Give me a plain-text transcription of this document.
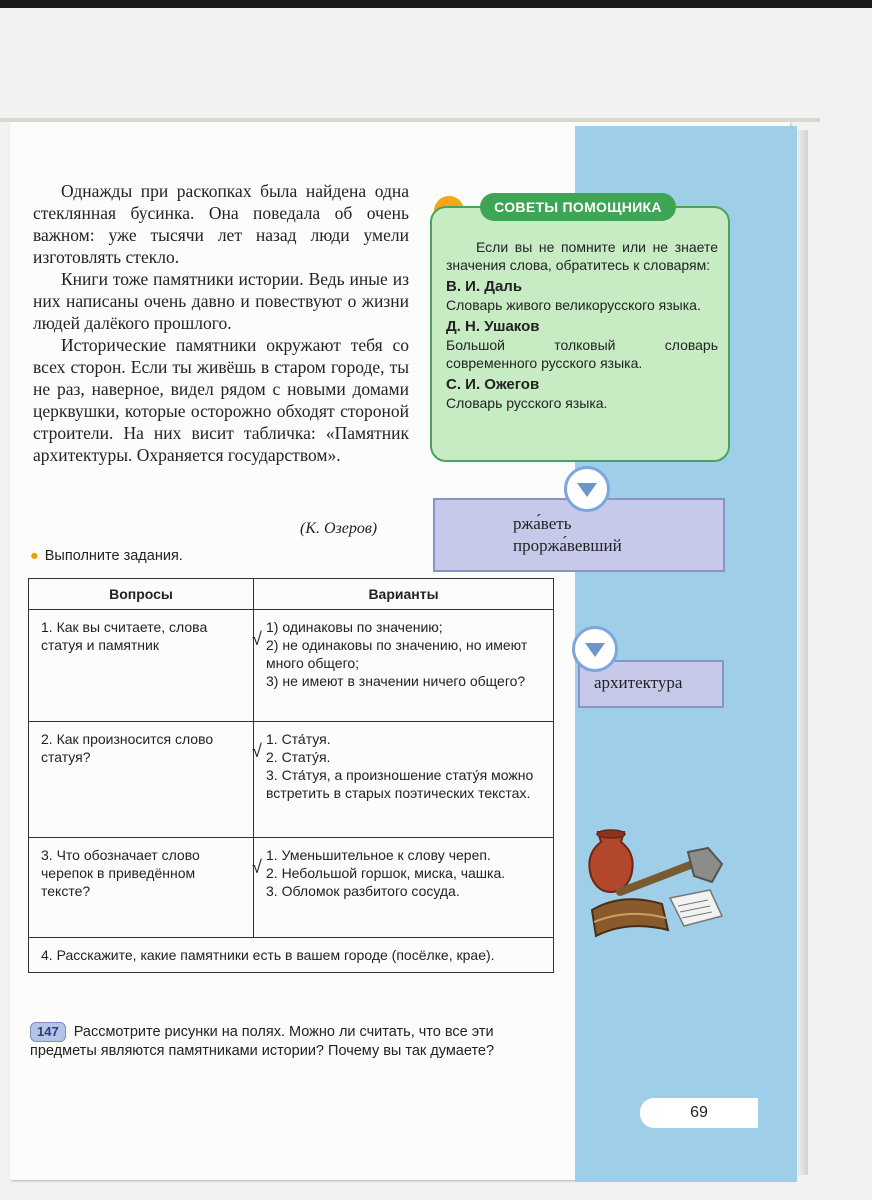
Однажды при раскопках была найдена одна стеклянная бусинка. Она поведала об очень важном: уже тысячи лет назад люди умели изготовлять стекло.

Книги тоже памятники истории. Ведь иные из них написаны очень давно и повествуют о жизни людей далёкого прошлого.

Исторические памятники окружают тебя со всех сторон. Если ты живёшь в старом городе, ты не раз, наверное, видел рядом с новыми домами церквушки, которые осторожно обходят стороной строители. На них висит табличка: «Памятник архитектуры. Охраняется государством».

(К. Озеров)
● Выполните задания.
Вопросы	Варианты
1. Как вы считаете, слова статуя и памятник	√
1) одинаковы по значению;
2) не одинаковы по значению, но имеют много общего;
3) не имеют в значении ничего общего?

2. Как произносится слово статуя?	√
1. Ста́туя.
2. Стату́я.
3. Ста́туя, а произношение стату́я можно встретить в старых поэтических текстах.

3. Что обозначает слово черепок в приведённом тексте?	√
1. Уменьшительное к слову череп.
2. Небольшой горшок, миска, чашка.
3. Обломок разбитого сосуда.

4. Расскажите, какие памятники есть в вашем городе (посёлке, крае).	

Если вы не помните или не знаете значения слова, обратитесь к словарям:

В. И. Даль

Словарь живого великорусского языка.

Д. Н. Ушаков

Большой толковый словарь современного русского языка.

С. И. Ожегов

Словарь русского языка.

СОВЕТЫ ПОМОЩНИКА
ржа́веть
проржа́вевший
архитектура
147 Рассмотрите рисунки на полях. Можно ли считать, что все эти предметы являются памятниками истории? Почему вы так думаете?
69
